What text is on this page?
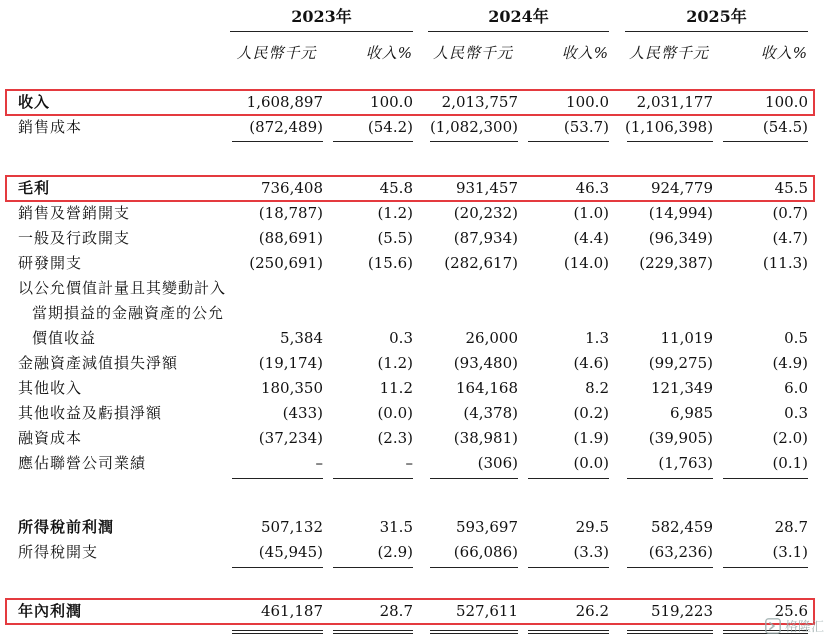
2023年	2024年	2025年
人民幣千元	收入%	人民幣千元	收入% 人民幣千元	收入%
收入	1,608,897	100.0	2,013,757	100.0	2,031,177	100.0
銷售成本	(872,489)	(54.2) (1,082,300)	(53.7) (1,106,398)	(54.5)
毛利	736,408	45.8	931,457	46.3	924,779	45.5
銷售及營銷開支	(18,787)	(1.2)	(20,232)	(1.0)	(14,994)	(0.7)
一般及行政開支	(88,691)	(5.5)	(87,934)	(4.4)	(96,349)	(4.7)
研發開支	(250,691)	(15.6)	(282,617)	(14.0)	(229,387)	(11.3)
以公允價值計量且其變動計入
當期損益的金融資產的公允
價值收益	5,384	0.3	26,000	1.3	11,019	0.5
金融資產減值損失淨額	(19,174)	(1.2)	(93,480)	(4.6)	(99,275)	(4.9)
其他收入	180,350	11.2	164,168	8.2	121,349	6.0
其他收益及虧損淨額	(433)	(0.0)	(4,378)	(0.2)	6,985	0.3
融資成本	(37,234)	(2.3)	(38,981)	(1.9)	(39,905)	(2.0)
應佔聯營公司業績	–	–	(306)	(0.0)	(1,763)	(0.1)
所得稅前利潤	507,132	31.5	593,697	29.5	582,459	28.7
所得稅開支	(45,945)	(2.9)	(66,086)	(3.3)	(63,236)	(3.1)
年內利潤	461,187	28.7	527,611	26.2	519,223	25.6
格隆汇
